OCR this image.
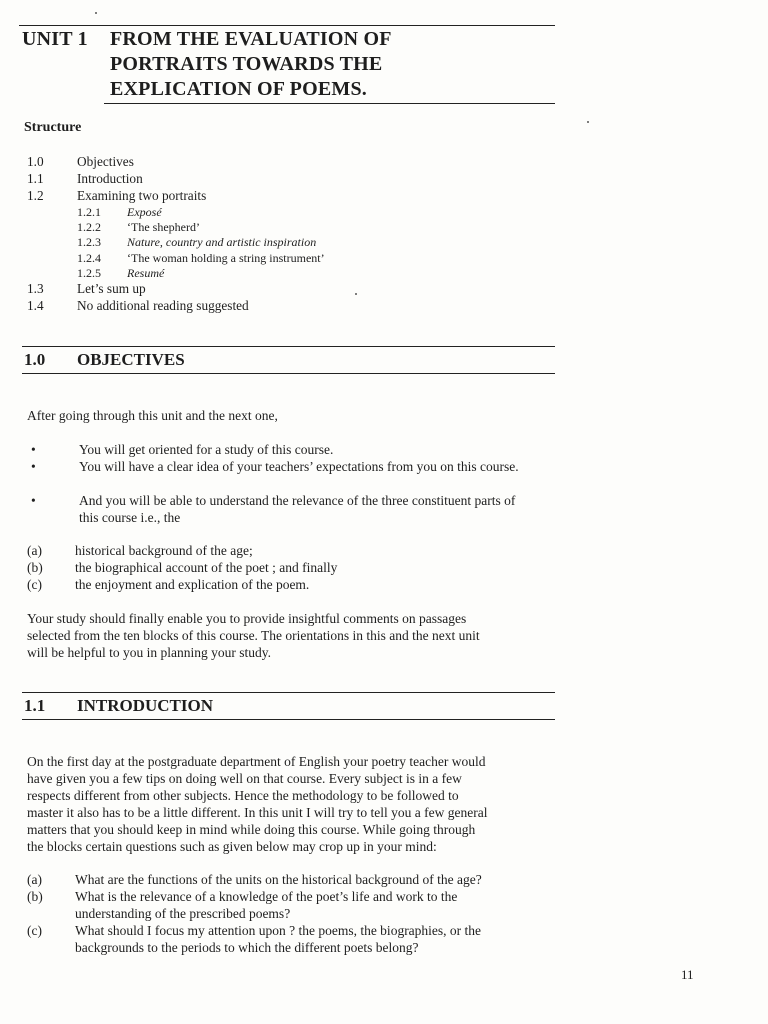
UNIT 1 FROM THE EVALUATION OF
PORTRAITS TOWARDS THE
EXPLICATION OF POEMS.
Structure
1.0	Objectives
1.1	Introduction
1.2	Examining two portraits
1.2.1 Exposé
1.2.2 ‘The shepherd’
1.2.3 Nature, country and artistic inspiration
1.2.4 ‘The woman holding a string instrument’
1.2.5 Resumé
1.3	Let’s sum up
1.4	No additional reading suggested
1.0 OBJECTIVES
After going through this unit and the next one,
•	You will get oriented for a study of this course.
•	You will have a clear idea of your teachers’ expectations from you on this course.
•	And you will be able to understand the relevance of the three constituent parts of this course i.e., the
(a) historical background of the age;
(b) the biographical account of the poet ; and finally
(c) the enjoyment and explication of the poem.
Your study should finally enable you to provide insightful comments on passages
selected from the ten blocks of this course. The orientations in this and the next unit
will be helpful to you in planning your study.
1.1 INTRODUCTION
On the first day at the postgraduate department of English your poetry teacher would
have given you a few tips on doing well on that course. Every subject is in a few
respects different from other subjects. Hence the methodology to be followed to
master it also has to be a little different. In this unit I will try to tell you a few general
matters that you should keep in mind while doing this course. While going through
the blocks certain questions such as given below may crop up in your mind:
(a) What are the functions of the units on the historical background of the age?
(b) What is the relevance of a knowledge of the poet’s life and work to the understanding of the prescribed poems?
(c) What should I focus my attention upon ? the poems, the biographies, or the backgrounds to the periods to which the different poets belong?
11
